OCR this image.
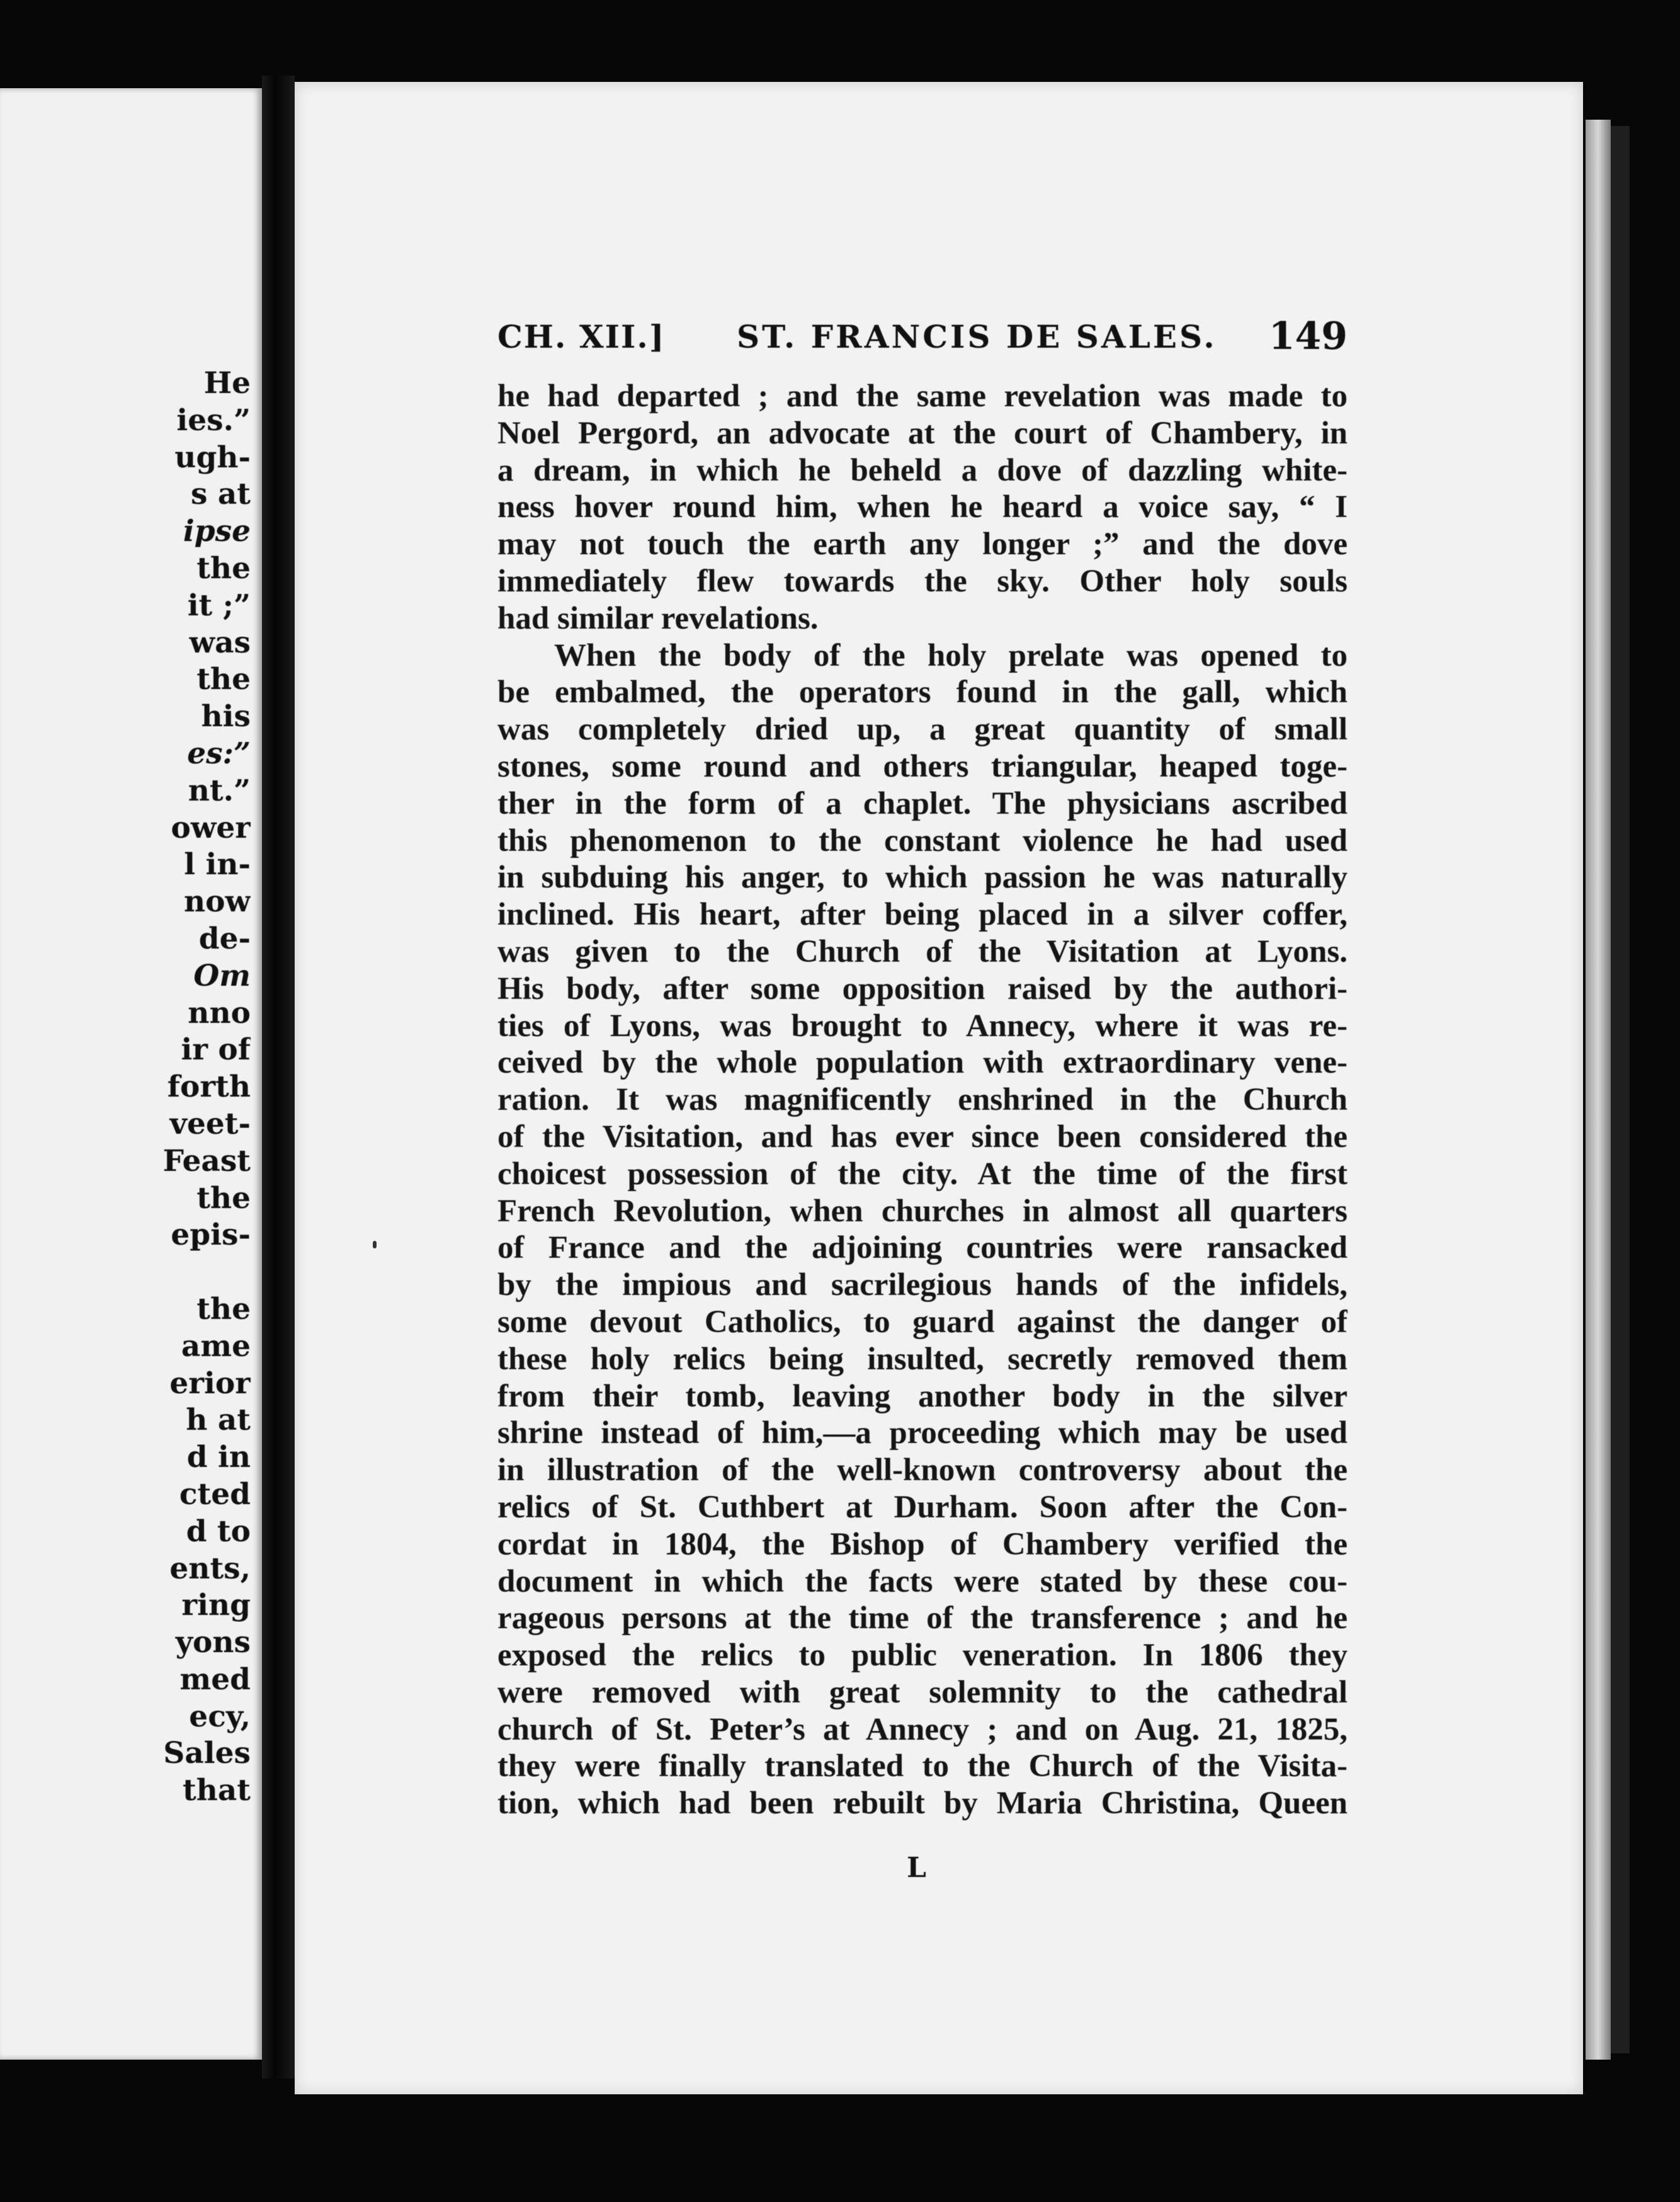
He
ies.”
ugh-
s at
ipse
the
it ;”
was
the
his
es:”
nt.”
ower
l in-
now
de-
Om
nno
ir of
forth
veet-
Feast
the
epis-
the
ame
erior
h at
d in
cted
d to
ents,
ring
yons
med
ecy,
Sales
that
CH. XII.] ST. FRANCIS DE SALES. 149
he had departed ; and the same revelation was made to
Noel Pergord, an advocate at the court of Chambery, in
a dream, in which he beheld a dove of dazzling white-
ness hover round him, when he heard a voice say, “ I
may not touch the earth any longer ;” and the dove
immediately flew towards the sky. Other holy souls
had similar revelations.
When the body of the holy prelate was opened to
be embalmed, the operators found in the gall, which
was completely dried up, a great quantity of small
stones, some round and others triangular, heaped toge-
ther in the form of a chaplet. The physicians ascribed
this phenomenon to the constant violence he had used
in subduing his anger, to which passion he was naturally
inclined. His heart, after being placed in a silver coffer,
was given to the Church of the Visitation at Lyons.
His body, after some opposition raised by the authori-
ties of Lyons, was brought to Annecy, where it was re-
ceived by the whole population with extraordinary vene-
ration. It was magnificently enshrined in the Church
of the Visitation, and has ever since been considered the
choicest possession of the city. At the time of the first
French Revolution, when churches in almost all quarters
of France and the adjoining countries were ransacked
by the impious and sacrilegious hands of the infidels,
some devout Catholics, to guard against the danger of
these holy relics being insulted, secretly removed them
from their tomb, leaving another body in the silver
shrine instead of him,—a proceeding which may be used
in illustration of the well-known controversy about the
relics of St. Cuthbert at Durham. Soon after the Con-
cordat in 1804, the Bishop of Chambery verified the
document in which the facts were stated by these cou-
rageous persons at the time of the transference ; and he
exposed the relics to public veneration. In 1806 they
were removed with great solemnity to the cathedral
church of St. Peter’s at Annecy ; and on Aug. 21, 1825,
they were finally translated to the Church of the Visita-
tion, which had been rebuilt by Maria Christina, Queen
L
